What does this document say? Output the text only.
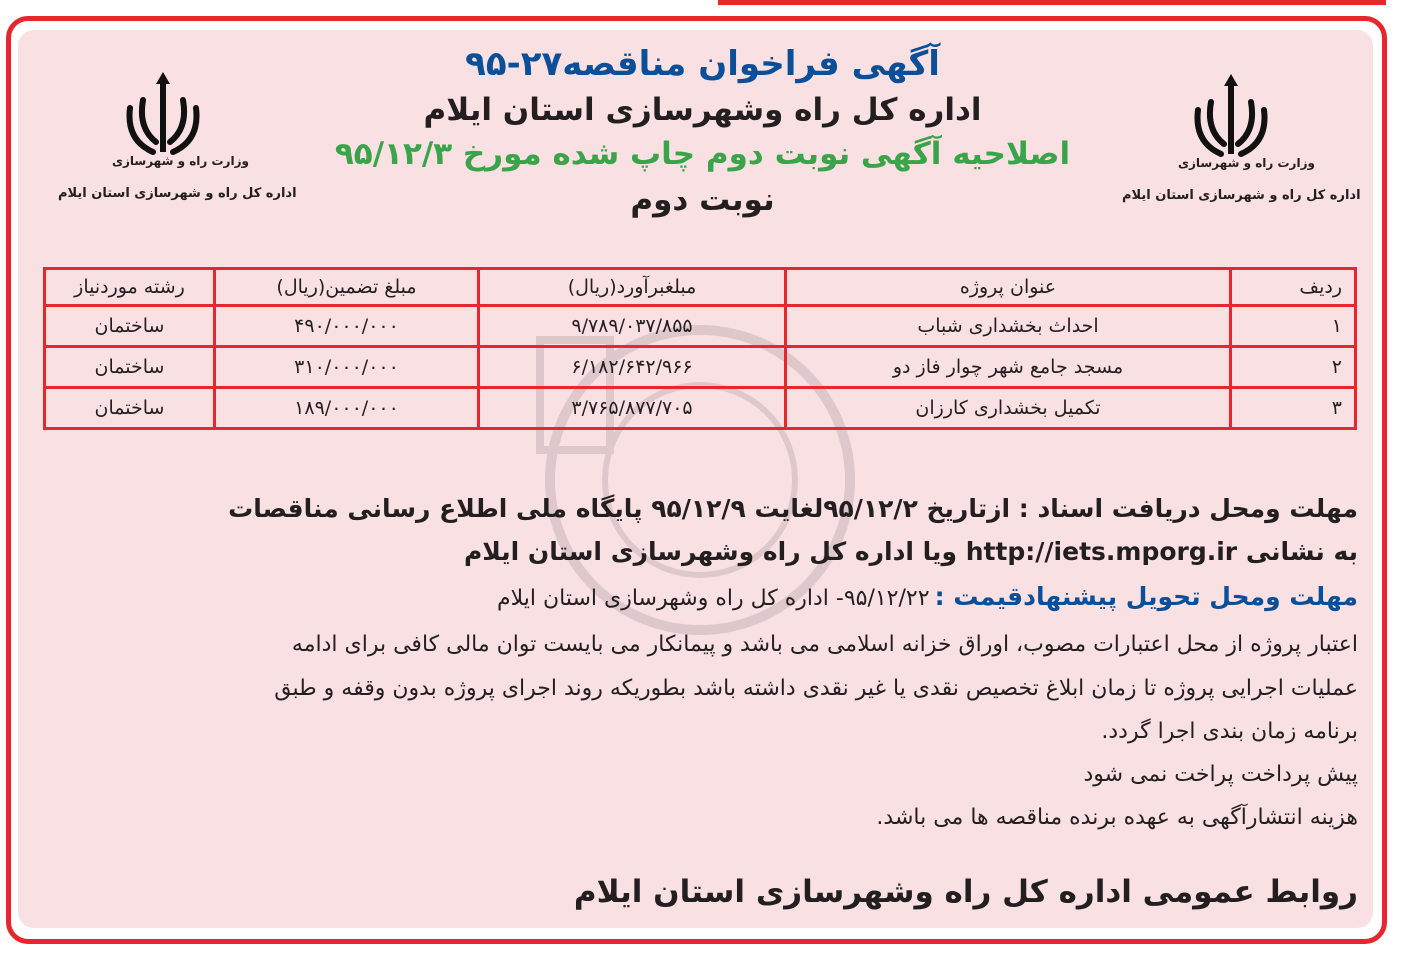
وزارت راه و شهرسازی
اداره کل راه و شهرسازی استان ایلام
وزارت راه و شهرسازی
اداره کل راه و شهرسازی استان ایلام
آگهی فراخوان مناقصه۲۷-۹۵
اداره کل راه وشهرسازی استان ایلام
اصلاحیه آگهی نوبت دوم چاپ شده مورخ ۹۵/۱۲/۳
نوبت دوم
ردیف	عنوان پروژه	مبلغبرآورد(ریال)	مبلغ تضمین(ریال)	رشته موردنیاز
۱	احداث بخشداری شباب	۹/۷۸۹/۰۳۷/۸۵۵	۴۹۰/۰۰۰/۰۰۰	ساختمان
۲	مسجد جامع شهر چوار فاز دو	۶/۱۸۲/۶۴۲/۹۶۶	۳۱۰/۰۰۰/۰۰۰	ساختمان
۳	تکمیل بخشداری کارزان	۳/۷۶۵/۸۷۷/۷۰۵	۱۸۹/۰۰۰/۰۰۰	ساختمان
مهلت ومحل دریافت اسناد : ازتاریخ ۹۵/۱۲/۲لغایت ۹۵/۱۲/۹ پایگاه ملی اطلاع رسانی مناقصات
به نشانی http://iets.mporg.ir ویا اداره کل راه وشهرسازی استان ایلام
مهلت ومحل تحویل پیشنهادقیمت : ۹۵/۱۲/۲۲- اداره کل راه وشهرسازی استان ایلام
اعتبار پروژه از محل اعتبارات مصوب، اوراق خزانه اسلامی می باشد و پیمانکار می بایست توان مالی کافی برای ادامه
عملیات اجرایی پروژه تا زمان ابلاغ تخصیص نقدی یا غیر نقدی داشته باشد بطوریکه روند اجرای پروژه بدون وقفه و طبق
برنامه زمان بندی اجرا گردد.
پیش پرداخت پراخت نمی شود
هزینه انتشارآگهی به عهده برنده مناقصه ها می باشد.
روابط عمومی اداره کل راه وشهرسازی استان ایلام
